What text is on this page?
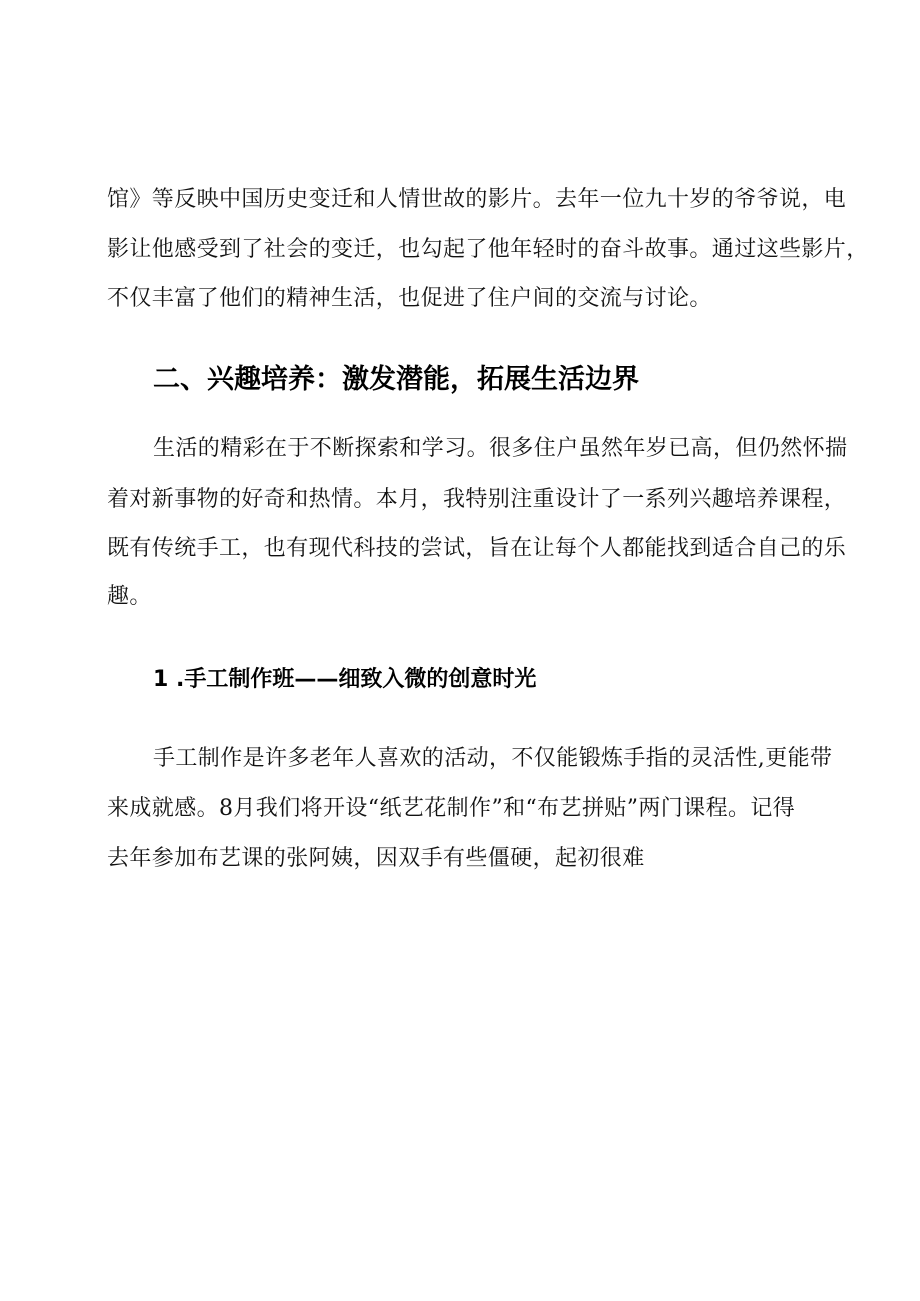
馆》等反映中国历史变迁和人情世故的影片。去年一位九十岁的爷爷说，电
影让他感受到了社会的变迁，也勾起了他年轻时的奋斗故事。通过这些影片，
不仅丰富了他们的精神生活，也促进了住户间的交流与讨论。
二、兴趣培养：激发潜能，拓展生活边界
生活的精彩在于不断探索和学习。很多住户虽然年岁已高，但仍然怀揣
着对新事物的好奇和热情。本月，我特别注重设计了一系列兴趣培养课程，
既有传统手工，也有现代科技的尝试，旨在让每个人都能找到适合自己的乐
趣。
1 .手工制作班——细致入微的创意时光
手工制作是许多老年人喜欢的活动，不仅能锻炼手指的灵活性,更能带
来成就感。8月我们将开设“纸艺花制作”和“布艺拼贴”两门课程。记得
去年参加布艺课的张阿姨，因双手有些僵硬，起初很难
